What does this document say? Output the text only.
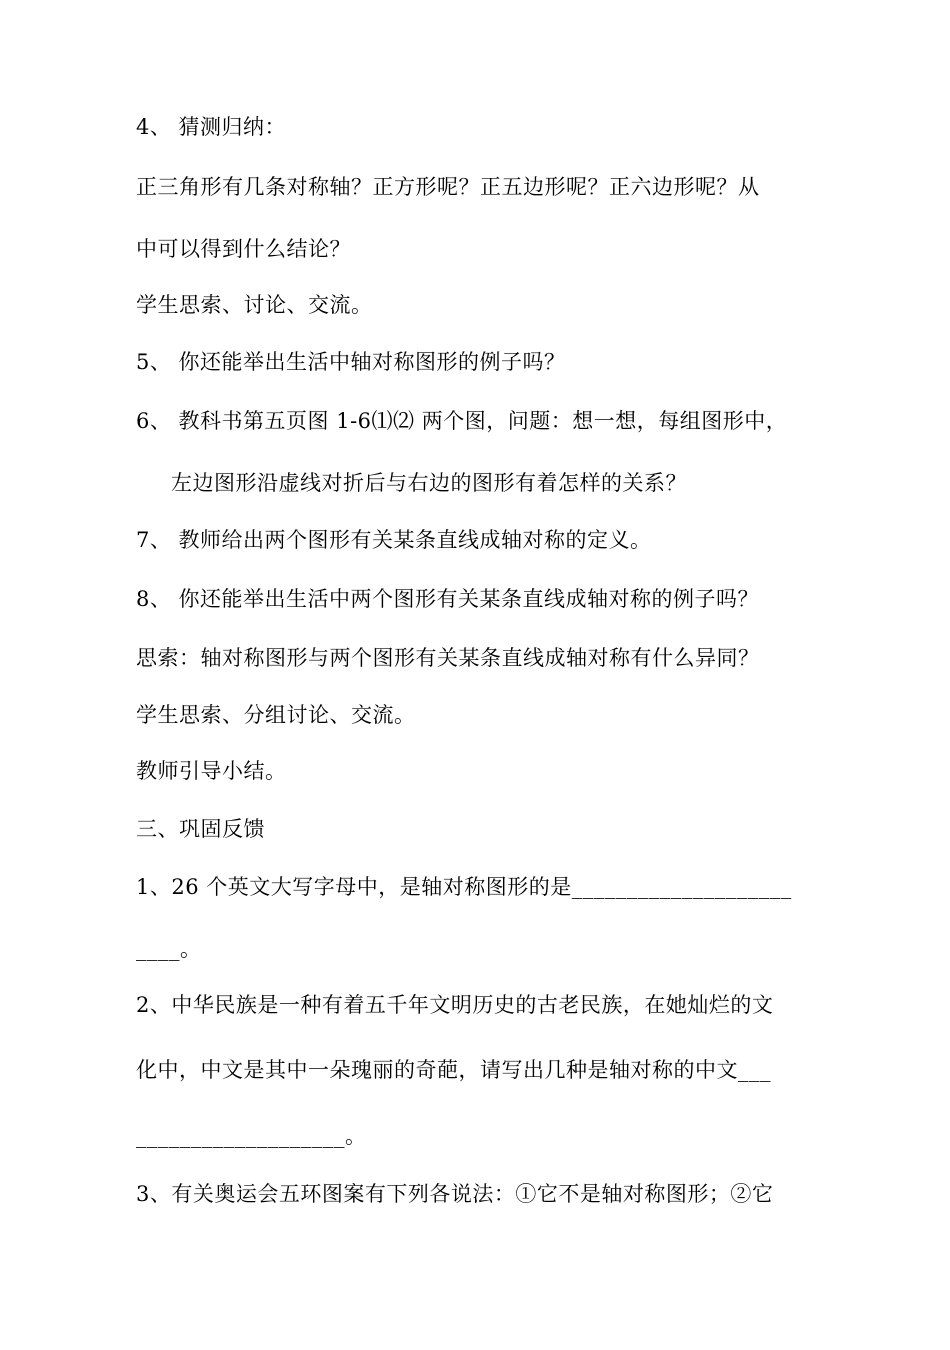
4、 猜测归纳：
正三角形有几条对称轴？正方形呢？正五边形呢？正六边形呢？从
中可以得到什么结论？
学生思索、讨论、交流。
5、 你还能举出生活中轴对称图形的例子吗？
6、 教科书第五页图 1-6⑴⑵ 两个图，问题：想一想，每组图形中，
左边图形沿虚线对折后与右边的图形有着怎样的关系？
7、 教师给出两个图形有关某条直线成轴对称的定义。
8、 你还能举出生活中两个图形有关某条直线成轴对称的例子吗？
思索：轴对称图形与两个图形有关某条直线成轴对称有什么异同？
学生思索、分组讨论、交流。
教师引导小结。
三、巩固反馈
1、26 个英文大写字母中，是轴对称图形的是____________________
____。
2、中华民族是一种有着五千年文明历史的古老民族，在她灿烂的文
化中，中文是其中一朵瑰丽的奇葩，请写出几种是轴对称的中文___
___________________。
3、有关奥运会五环图案有下列各说法：①它不是轴对称图形；②它
